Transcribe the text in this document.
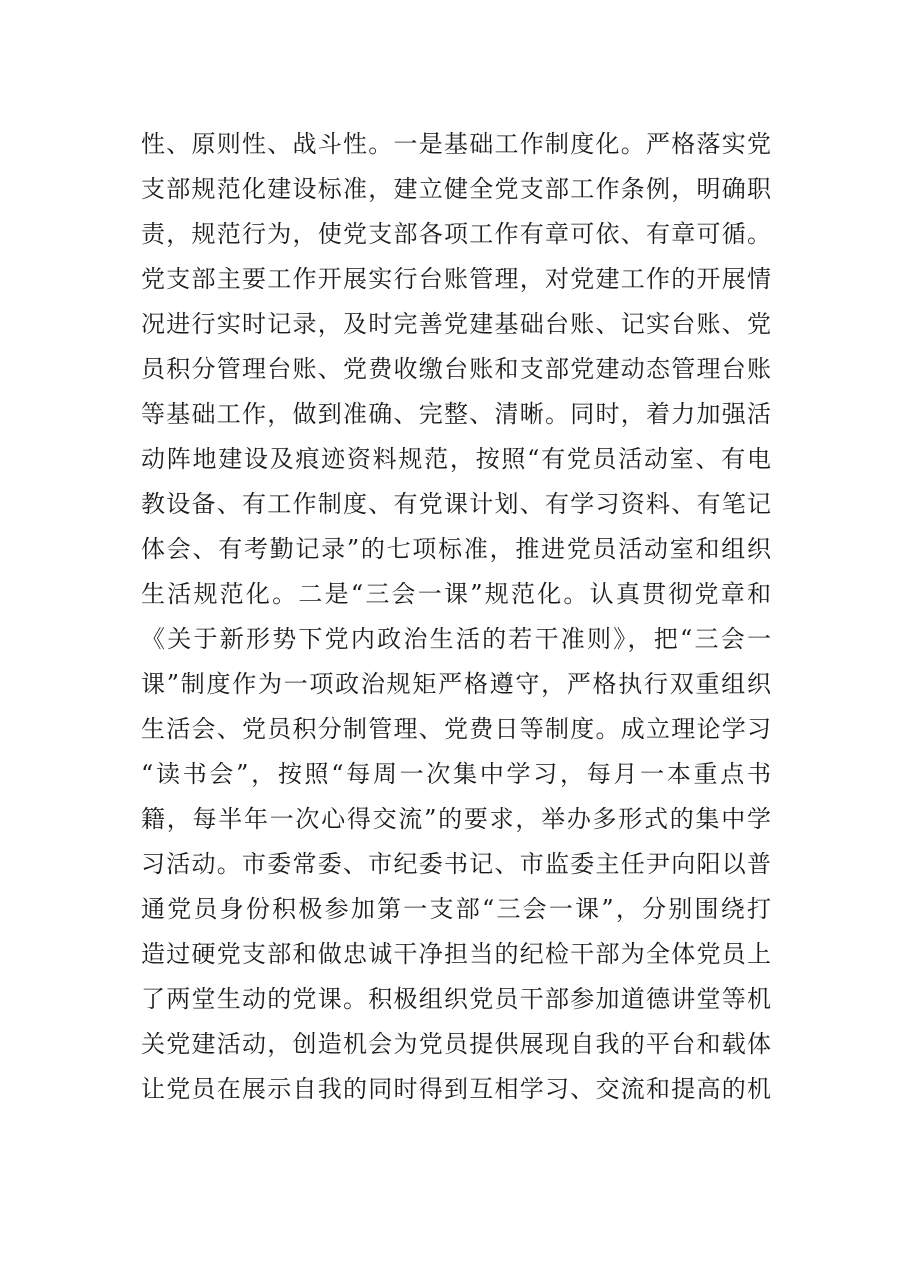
性、原则性、战斗性。一是基础工作制度化。严格落实党
支部规范化建设标准，建立健全党支部工作条例，明确职
责，规范行为，使党支部各项工作有章可依、有章可循。
党支部主要工作开展实行台账管理，对党建工作的开展情
况进行实时记录，及时完善党建基础台账、记实台账、党
员积分管理台账、党费收缴台账和支部党建动态管理台账
等基础工作，做到准确、完整、清晰。同时，着力加强活
动阵地建设及痕迹资料规范，按照“有党员活动室、有电
教设备、有工作制度、有党课计划、有学习资料、有笔记
体会、有考勤记录”的七项标准，推进党员活动室和组织
生活规范化。二是“三会一课”规范化。认真贯彻党章和
《关于新形势下党内政治生活的若干准则》，把“三会一
课”制度作为一项政治规矩严格遵守，严格执行双重组织
生活会、党员积分制管理、党费日等制度。成立理论学习
“读书会”，按照“每周一次集中学习，每月一本重点书
籍，每半年一次心得交流”的要求，举办多形式的集中学
习活动。市委常委、市纪委书记、市监委主任尹向阳以普
通党员身份积极参加第一支部“三会一课”，分别围绕打
造过硬党支部和做忠诚干净担当的纪检干部为全体党员上
了两堂生动的党课。积极组织党员干部参加道德讲堂等机
关党建活动，创造机会为党员提供展现自我的平台和载体
让党员在展示自我的同时得到互相学习、交流和提高的机
